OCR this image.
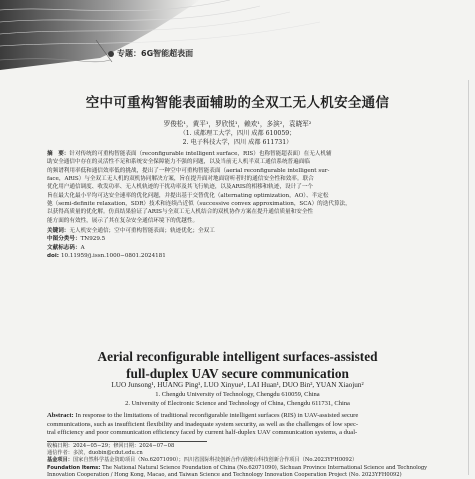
专题：6G智能超表面
空中可重构智能表面辅助的全双工无人机安全通信
罗俊松¹，黄平¹，罗欣悦¹，赖欢¹，多滨²，袁晓军²
（1. 成都理工大学，四川 成都 610059；
2. 电子科技大学，四川 成都 611731）
摘　要：针对传统的可重构智能表面（reconfigurable intelligent surface，RIS）也称智能超表面）在无人机辅
助安全通信中存在的灵活性不足和系统安全保障能力不强的问题，以及当前无人机半双工通信系统普遍面临
的频谱利用率低和通信效率低的挑战，提出了一种空中可重构智能表面（aerial reconfigurable intelligent sur-
face，ARIS）与全双工无人机的双机协同解决方案，旨在提升面对地面窃听者时的通信安全性和效率。联合
优化用户通信调度、收发功率、无人机轨迹的干扰功率及其飞行轨迹，以及ARIS的相移和轨迹，设计了一个
旨在最大化最小平均可达安全速率的优化问题，并提出基于交替优化（alternating optimization，AO）、半定松
弛（semi-definite relaxation，SDR）技术和连续凸近似（successive convex approximation，SCA）的迭代算法，
以获得高质量的优化解。仿真结果验证了ARIS与全双工无人机结合的双机协作方案在提升通信质量和安全性
能方面的有效性，展示了其在复杂安全通信环境下的优越性。
关键词：无人机安全通信；空中可重构智能表面；轨迹优化；全双工
中图分类号：TN929.5
文献标志码：A
doi: 10.11959/j.issn.1000−0801.2024181
Aerial reconfigurable intelligent surfaces-assisted
full-duplex UAV secure communication
LUO Junsong¹, HUANG Ping¹, LUO Xinyue¹, LAI Huan¹, DUO Bin², YUAN Xiaojun²
1. Chengdu University of Technology, Chengdu 610059, China
2. University of Electronic Science and Technology of China, Chengdu 611731, China
Abstract: In response to the limitations of traditional reconfigurable intelligent surfaces (RIS) in UAV-assisted secure
communications, such as insufficient flexibility and inadequate system security, as well as the challenges of low spec-
tral efficiency and poor communication efficiency faced by current half-duplex UAV communication systems, a dual-
收稿日期：2024−05−29；修回日期：2024−07−08
通信作者：多滨，duobin@cdut.edu.cn
基金项目：国家自然科学基金资助项目（No.62071090）；四川省国际科技创新合作/港澳台科技创新合作项目（No.2023YFH0092）
Foundation Items: The National Natural Science Foundation of China (No.62071090), Sichuan Province International Science and Technology Innovation Cooperation / Hong Kong, Macao, and Taiwan Science and Technology Innovation Cooperation Project (No. 2023YFH0092)
